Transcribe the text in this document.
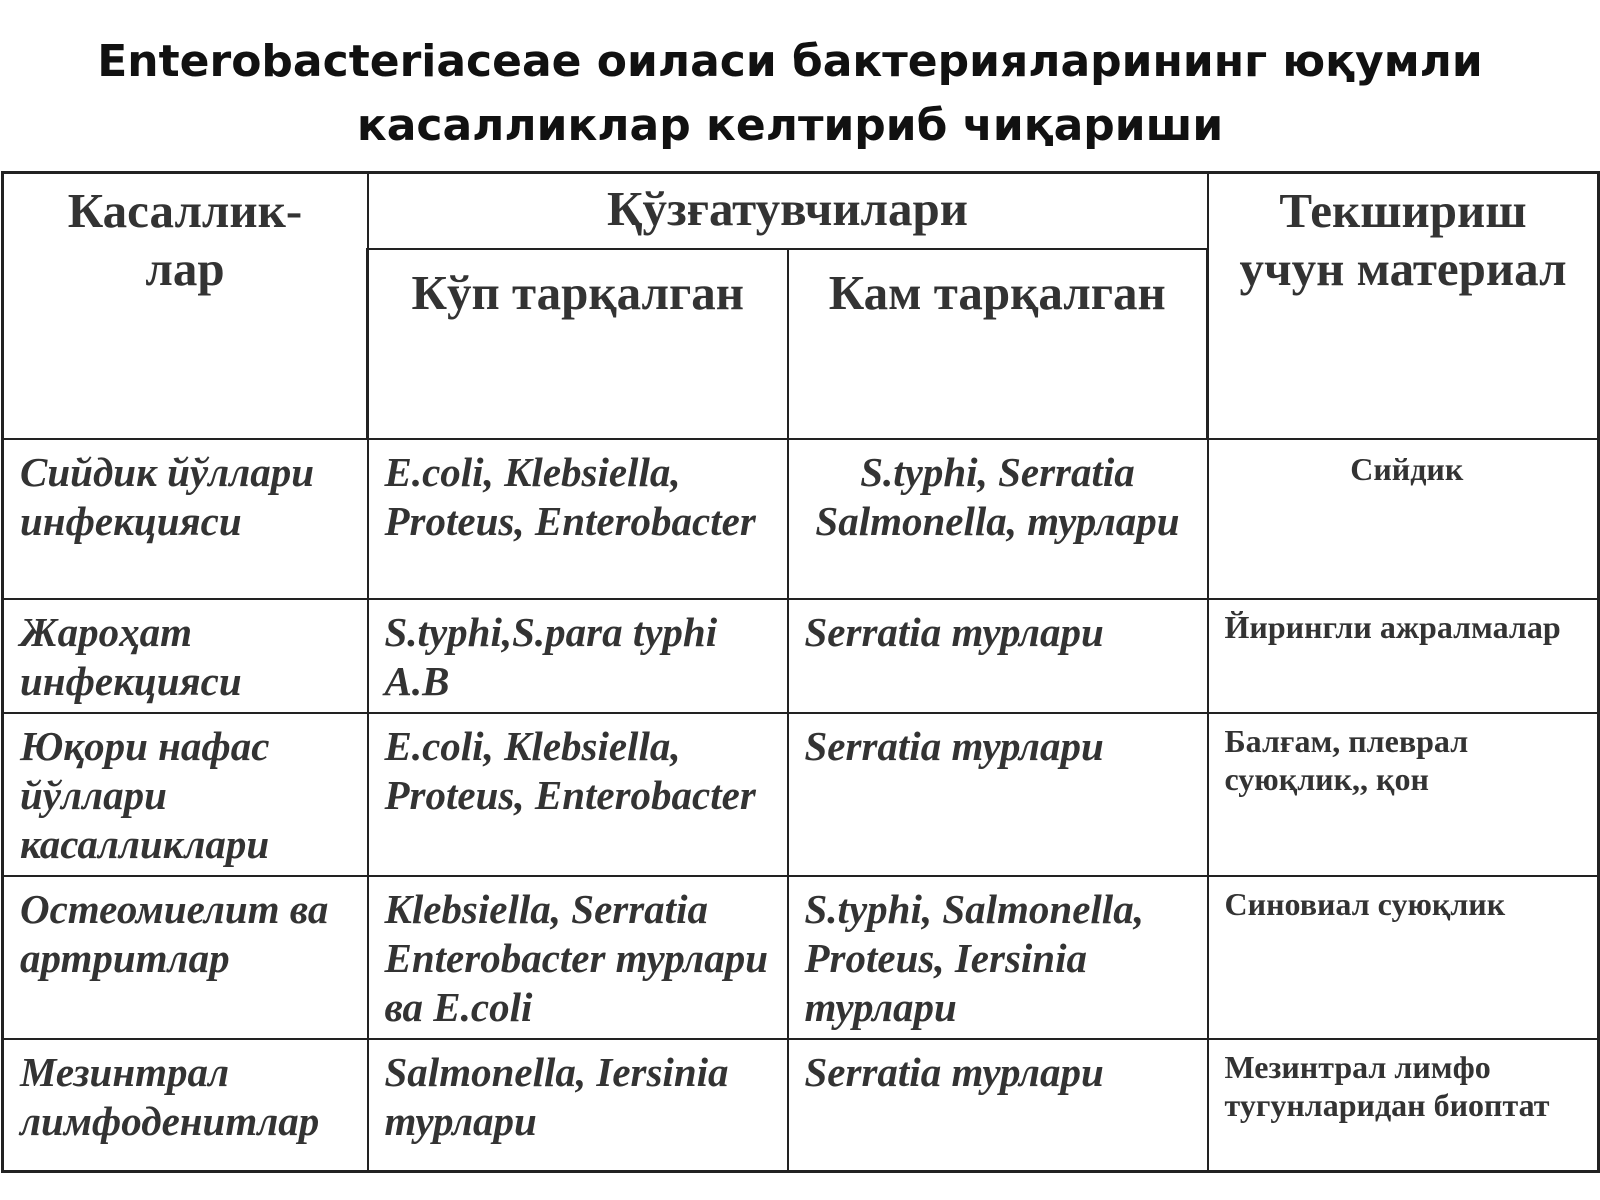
Enterobacteriaceae оиласи бактерияларининг юқумли
касалликлар келтириб чиқариши
Касаллик-лар	Қўзғатувчилари		Текшириш учун материал
	Кўп тарқалган	Кам тарқалган	
Сийдик йўллари инфекцияси	E.coli, Klebsiella, Proteus, Enterobacter	S.typhi, Serratia Salmonella, турлари	Сийдик
Жароҳат инфекцияси	S.typhi,S.para typhi A.B	Serratia турлари	Йирингли ажралмалар
Юқори нафас йўллари касалликлари	E.coli, Klebsiella, Proteus, Enterobacter	Serratia турлари	Балғам, плеврал суюқлик,, қон
Остеомиелит ва артритлар	Klebsiella, Serratia Enterobacter турлари ва E.coli	S.typhi, Salmonella, Proteus, Iersinia турлари	Синовиал суюқлик
Мезинтрал лимфоденитлар	Salmonella, Iersinia турлари	Serratia турлари	Мезинтрал лимфо тугунларидан биоптат
